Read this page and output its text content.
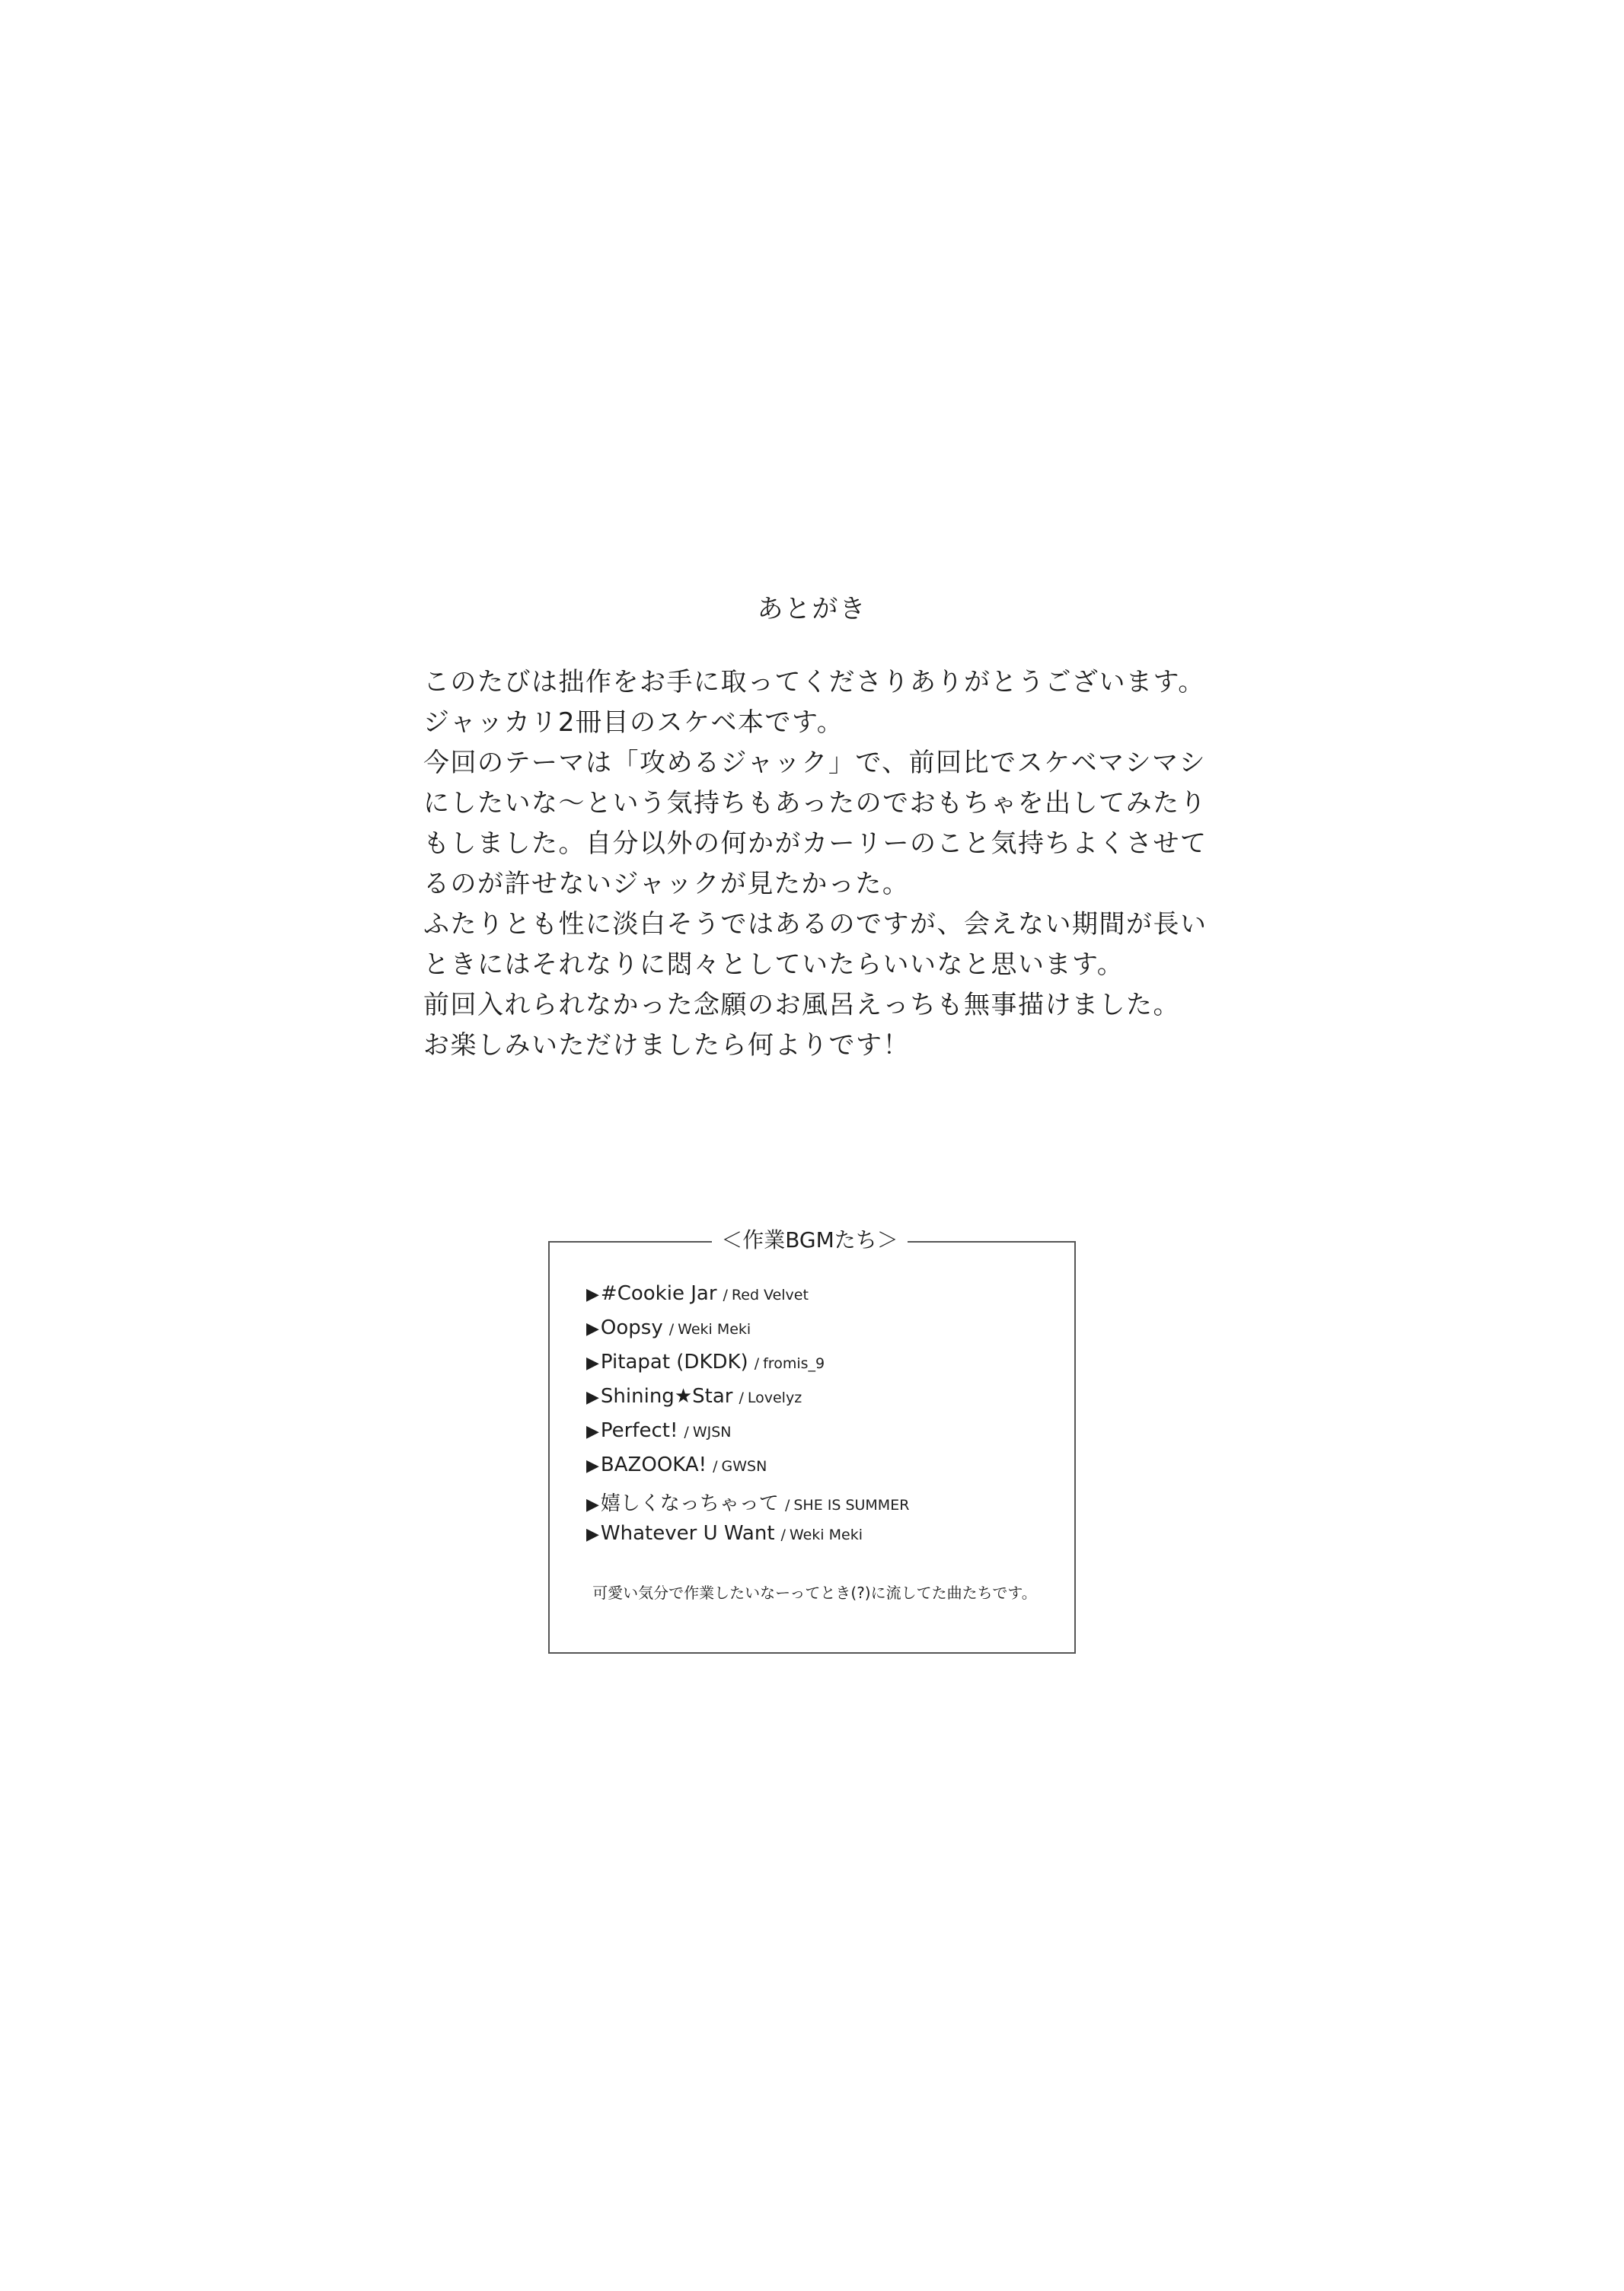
あとがき
このたびは拙作をお手に取ってくださりありがとうございます。
ジャッカリ2冊目のスケベ本です。
今回のテーマは「攻めるジャック」で、前回比でスケベマシマシ
にしたいな〜という気持ちもあったのでおもちゃを出してみたり
もしました。自分以外の何かがカーリーのこと気持ちよくさせて
るのが許せないジャックが見たかった。
ふたりとも性に淡白そうではあるのですが、会えない期間が長い
ときにはそれなりに悶々としていたらいいなと思います。
前回入れられなかった念願のお風呂えっちも無事描けました。
お楽しみいただけましたら何よりです！
＜作業BGMたち＞
▶ #Cookie Jar / Red Velvet
▶ Oopsy / Weki Meki
▶ Pitapat (DKDK) / fromis_9
▶ Shining★Star / Lovelyz
▶ Perfect! / WJSN
▶ BAZOOKA! / GWSN
▶ 嬉しくなっちゃって / SHE IS SUMMER
▶ Whatever U Want / Weki Meki
可愛い気分で作業したいなーってとき(?)に流してた曲たちです。
